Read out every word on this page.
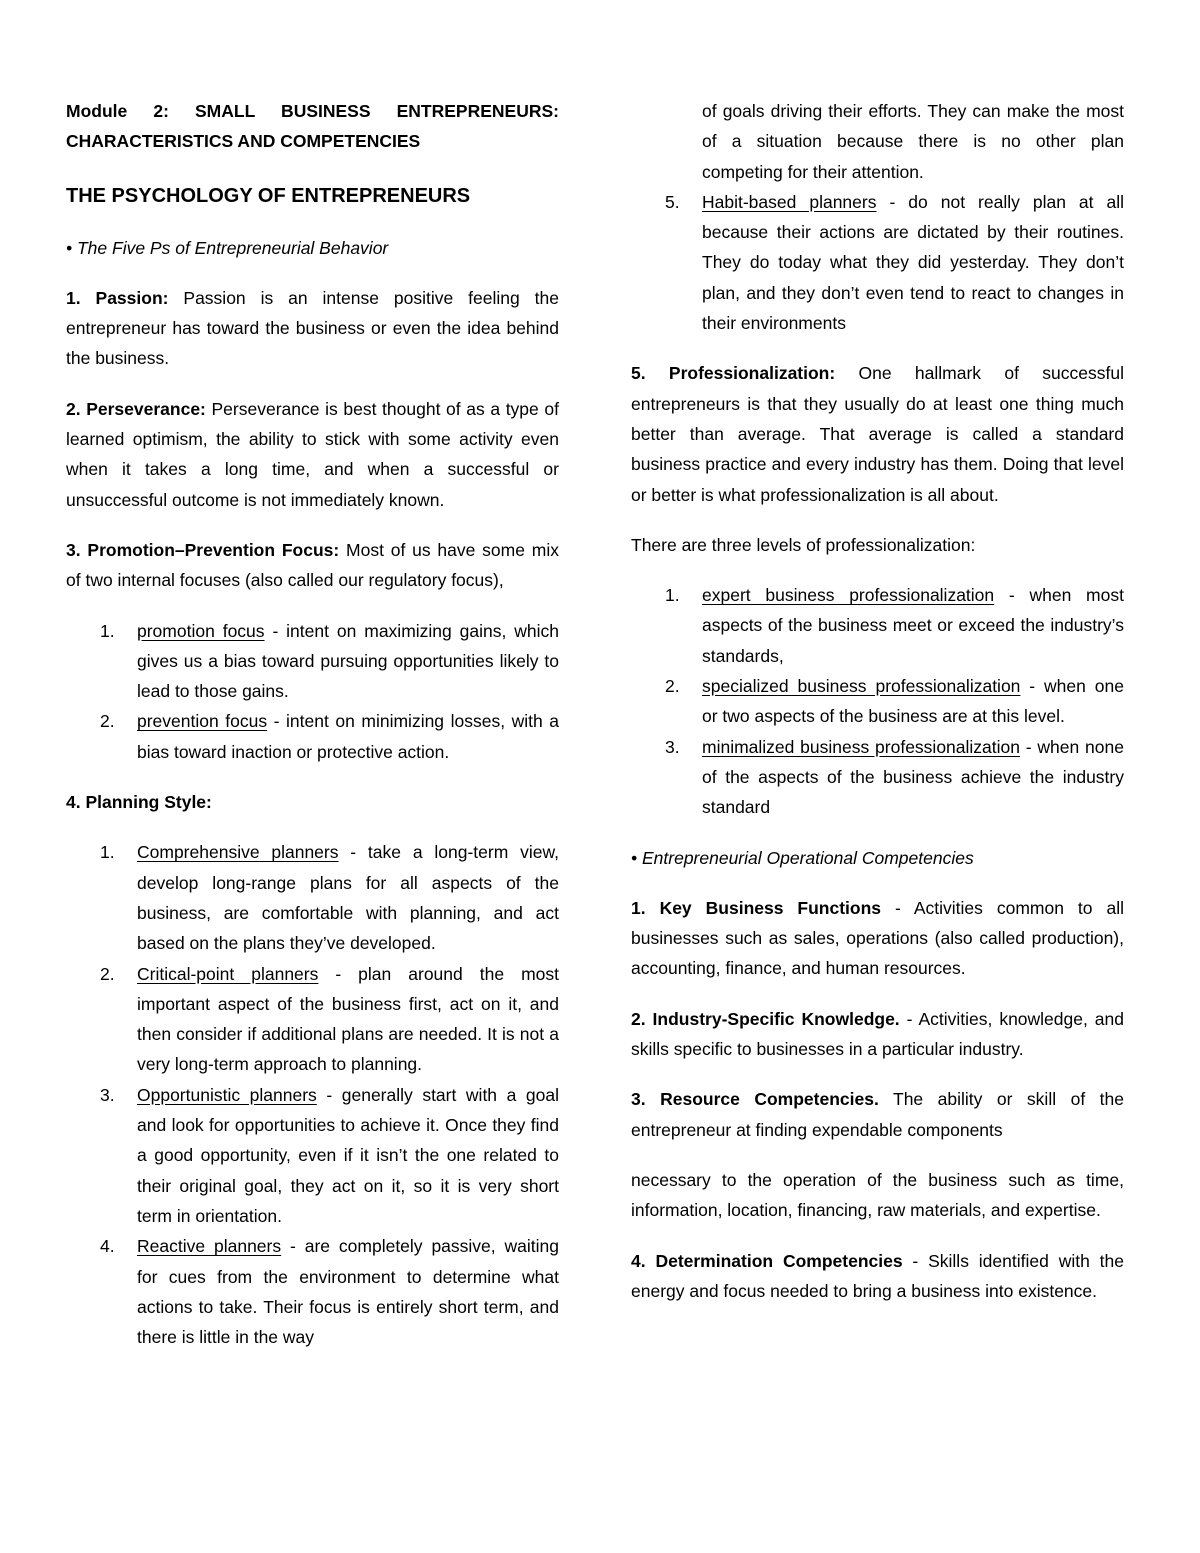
Module 2: SMALL BUSINESS ENTREPRENEURS: CHARACTERISTICS AND COMPETENCIES

THE PSYCHOLOGY OF ENTREPRENEURS

• The Five Ps of Entrepreneurial Behavior

1. Passion: Passion is an intense positive feeling the entrepreneur has toward the business or even the idea behind the business.

2. Perseverance: Perseverance is best thought of as a type of learned optimism, the ability to stick with some activity even when it takes a long time, and when a successful or unsuccessful outcome is not immediately known.

3. Promotion–Prevention Focus: Most of us have some mix of two internal focuses (also called our regulatory focus),

1. promotion focus - intent on maximizing gains, which gives us a bias toward pursuing opportunities likely to lead to those gains.
2. prevention focus - intent on minimizing losses, with a bias toward inaction or protective action.

4. Planning Style:

1. Comprehensive planners - take a long-term view, develop long-range plans for all aspects of the business, are comfortable with planning, and act based on the plans they’ve developed.
2. Critical-point planners - plan around the most important aspect of the business first, act on it, and then consider if additional plans are needed. It is not a very long-term approach to planning.
3. Opportunistic planners - generally start with a goal and look for opportunities to achieve it. Once they find a good opportunity, even if it isn’t the one related to their original goal, they act on it, so it is very short term in orientation.
4. Reactive planners - are completely passive, waiting for cues from the environment to determine what actions to take. Their focus is entirely short term, and there is little in the way
of goals driving their efforts. They can make the most of a situation because there is no other plan competing for their attention.
5. Habit-based planners - do not really plan at all because their actions are dictated by their routines. They do today what they did yesterday. They don’t plan, and they don’t even tend to react to changes in their environments

5. Professionalization: One hallmark of successful entrepreneurs is that they usually do at least one thing much better than average. That average is called a standard business practice and every industry has them. Doing that level or better is what professionalization is all about.

There are three levels of professionalization:

1. expert business professionalization - when most aspects of the business meet or exceed the industry’s standards,
2. specialized business professionalization - when one or two aspects of the business are at this level.
3. minimalized business professionalization - when none of the aspects of the business achieve the industry standard

• Entrepreneurial Operational Competencies

1. Key Business Functions - Activities common to all businesses such as sales, operations (also called production), accounting, finance, and human resources.

2. Industry-Specific Knowledge. - Activities, knowledge, and skills specific to businesses in a particular industry.

3. Resource Competencies. The ability or skill of the entrepreneur at finding expendable components

necessary to the operation of the business such as time, information, location, financing, raw materials, and expertise.

4. Determination Competencies - Skills identified with the energy and focus needed to bring a business into existence.
